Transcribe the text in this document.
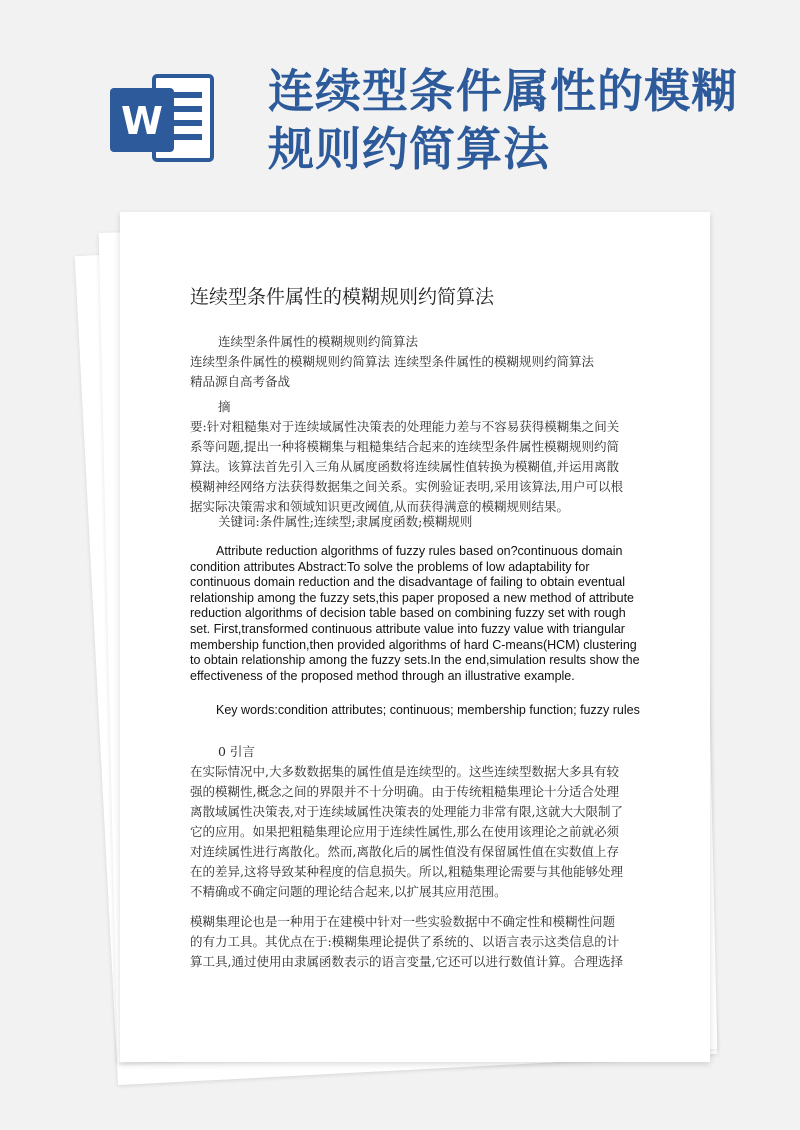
W
连续型条件属性的模糊规则约简算法
连续型条件属性的模糊规则约简算法

连续型条件属性的模糊规则约简算法

连续型条件属性的模糊规则约简算法 连续型条件属性的模糊规则约简算法

精品源自高考备战

摘

要:针对粗糙集对于连续域属性决策表的处理能力差与不容易获得模糊集之间关

系等问题,提出一种将模糊集与粗糙集结合起来的连续型条件属性模糊规则约简

算法。该算法首先引入三角从属度函数将连续属性值转换为模糊值,并运用离散

模糊神经网络方法获得数据集之间关系。实例验证表明,采用该算法,用户可以根

据实际决策需求和领域知识更改阈值,从而获得满意的模糊规则结果。

关键词:条件属性;连续型;隶属度函数;模糊规则

Attribute reduction algorithms of fuzzy rules based on?continuous domain condition attributes Abstract:To solve the problems of low adaptability for continuous domain reduction and the disadvantage of failing to obtain eventual relationship among the fuzzy sets,this paper proposed a new method of attribute reduction algorithms of decision table based on combining fuzzy set with rough set. First,transformed continuous attribute value into fuzzy value with triangular membership function,then provided algorithms of hard C-means(HCM) clustering to obtain relationship among the fuzzy sets.In the end,simulation results show the effectiveness of the proposed method through an illustrative example.
Key words:condition attributes; continuous; membership function; fuzzy rules

0 引言

在实际情况中,大多数数据集的属性值是连续型的。这些连续型数据大多具有较

强的模糊性,概念之间的界限并不十分明确。由于传统粗糙集理论十分适合处理

离散域属性决策表,对于连续域属性决策表的处理能力非常有限,这就大大限制了

它的应用。如果把粗糙集理论应用于连续性属性,那么在使用该理论之前就必须

对连续属性进行离散化。然而,离散化后的属性值没有保留属性值在实数值上存

在的差异,这将导致某种程度的信息损失。所以,粗糙集理论需要与其他能够处理

不精确或不确定问题的理论结合起来,以扩展其应用范围。

模糊集理论也是一种用于在建模中针对一些实验数据中不确定性和模糊性问题

的有力工具。其优点在于:模糊集理论提供了系统的、以语言表示这类信息的计

算工具,通过使用由隶属函数表示的语言变量,它还可以进行数值计算。合理选择
